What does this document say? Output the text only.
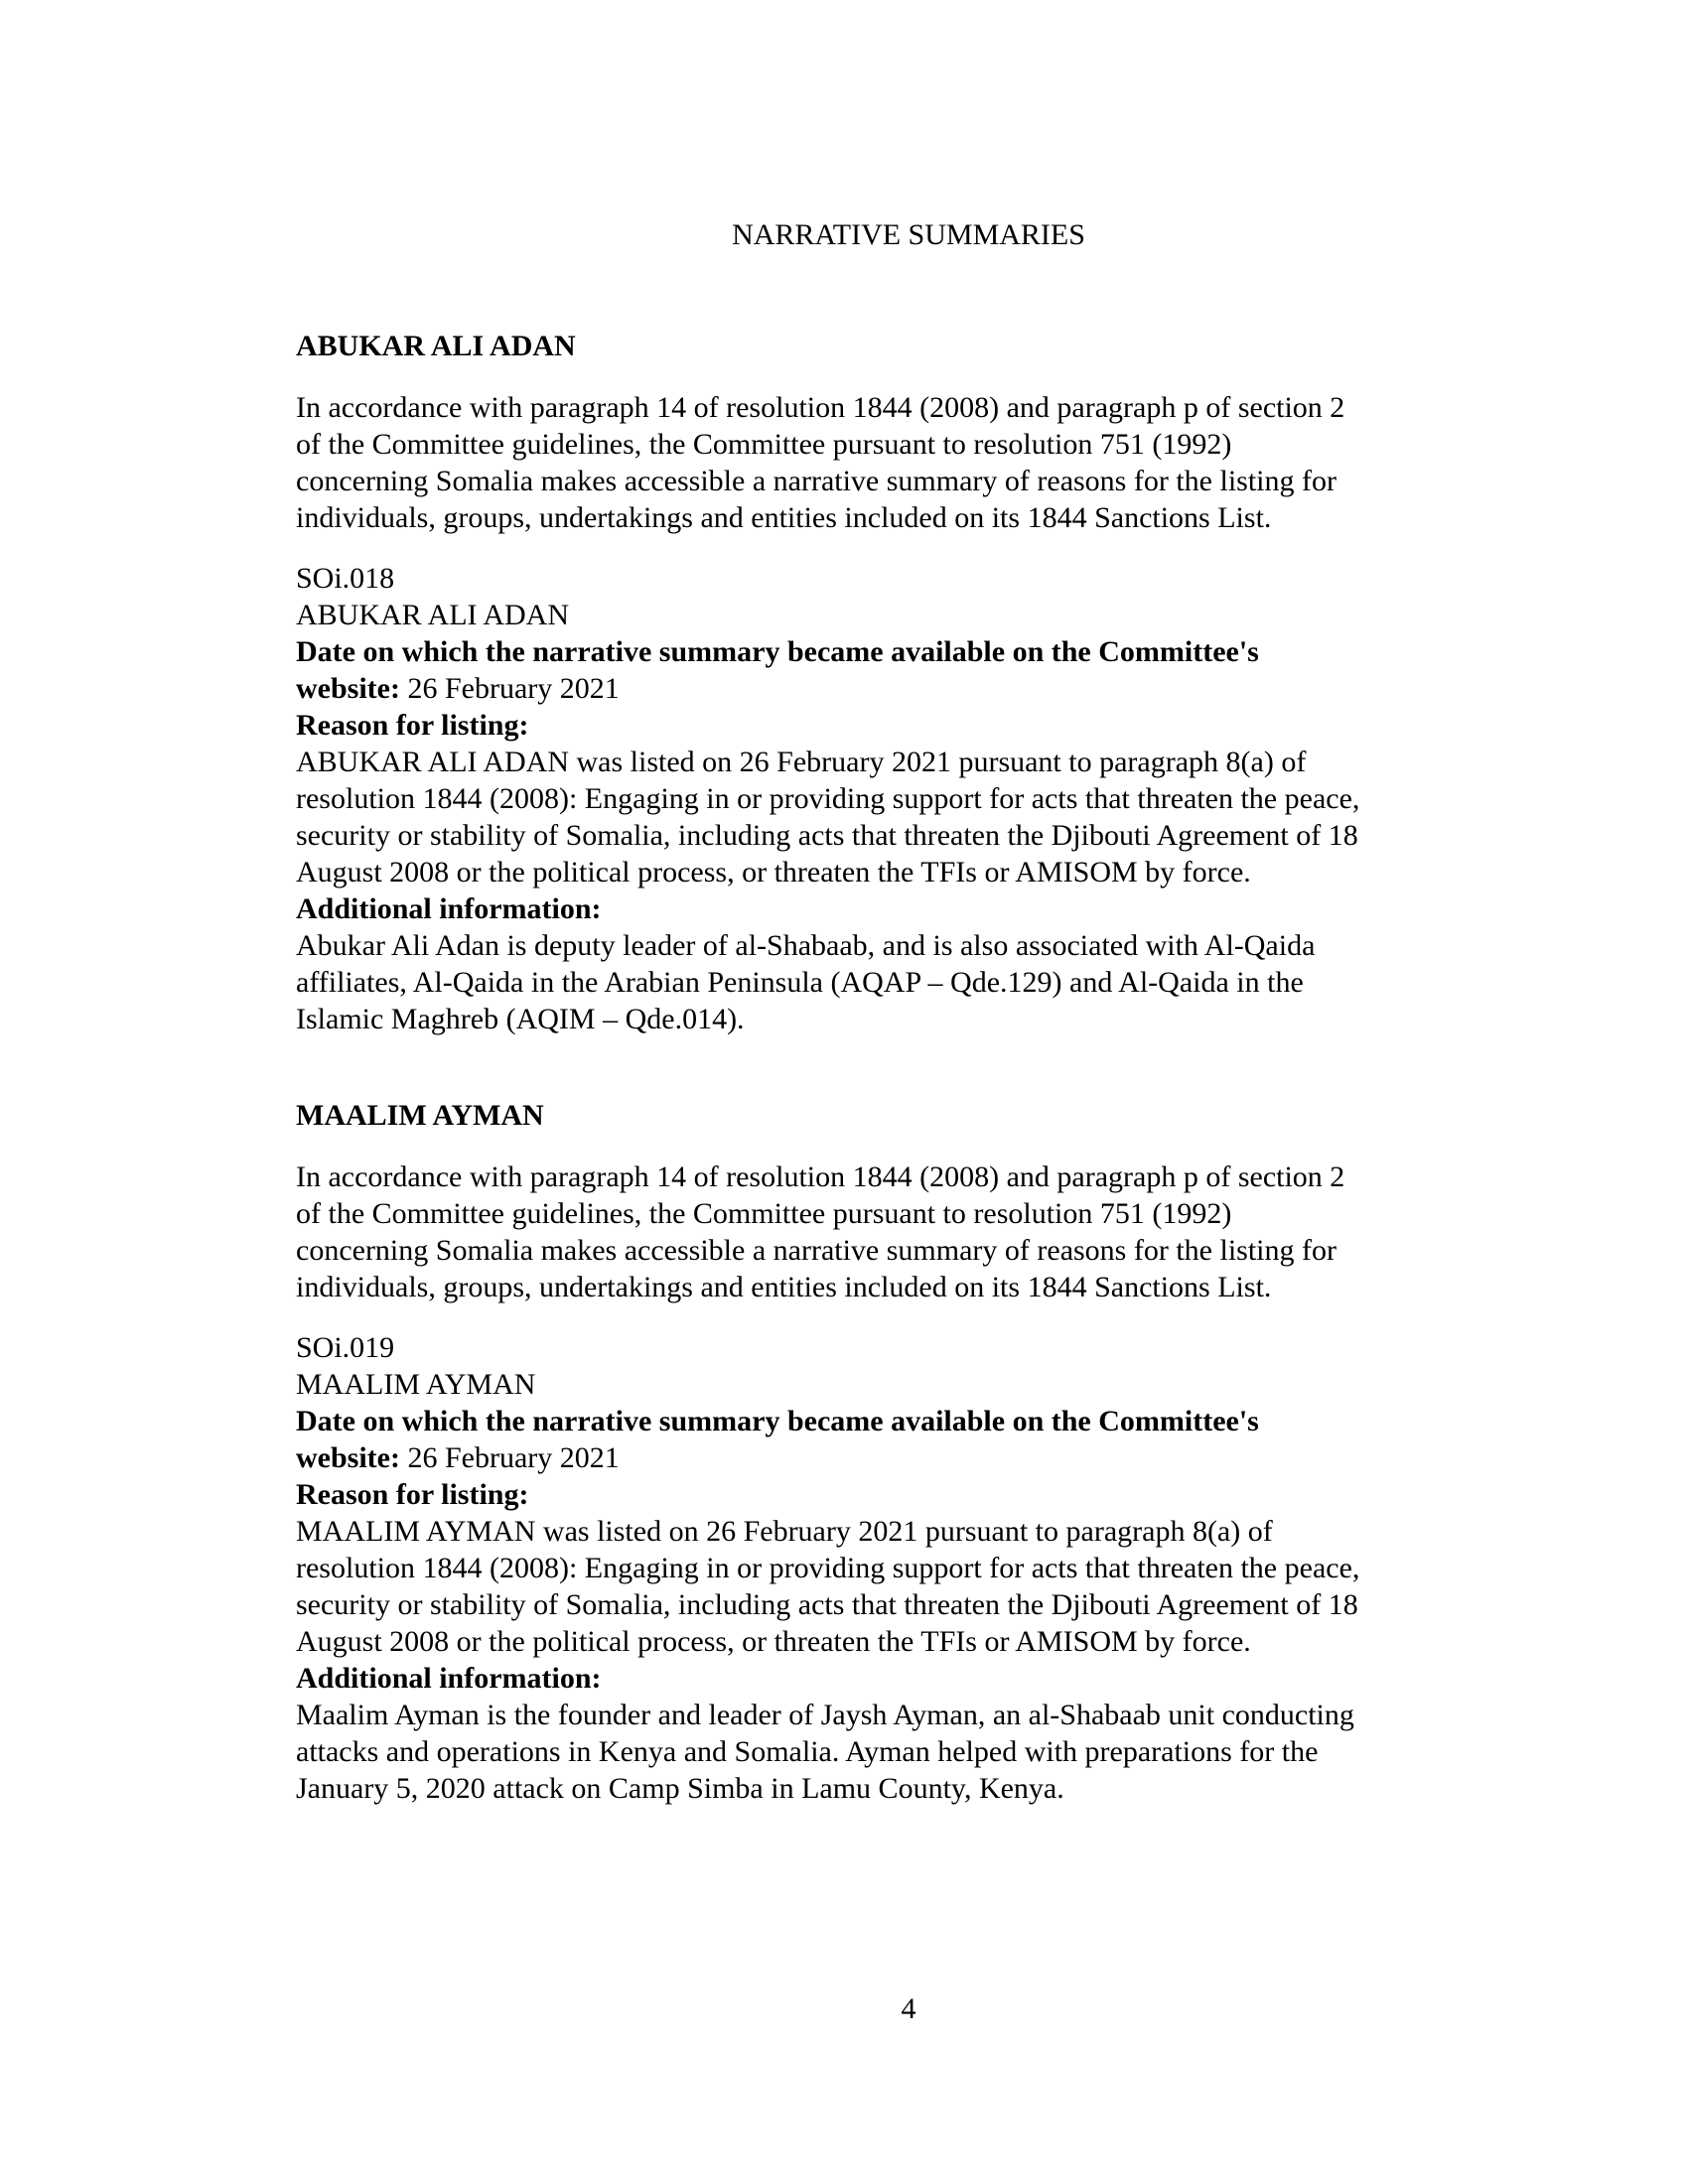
NARRATIVE SUMMARIES

ABUKAR ALI ADAN

In accordance with paragraph 14 of resolution 1844 (2008) and paragraph p of section 2
of the Committee guidelines, the Committee pursuant to resolution 751 (1992)
concerning Somalia makes accessible a narrative summary of reasons for the listing for
individuals, groups, undertakings and entities included on its 1844 Sanctions List.

SOi.018

ABUKAR ALI ADAN

Date on which the narrative summary became available on the Committee's

website: 26 February 2021

Reason for listing:

ABUKAR ALI ADAN was listed on 26 February 2021 pursuant to paragraph 8(a) of

resolution 1844 (2008): Engaging in or providing support for acts that threaten the peace,

security or stability of Somalia, including acts that threaten the Djibouti Agreement of 18

August 2008 or the political process, or threaten the TFIs or AMISOM by force.

Additional information:

Abukar Ali Adan is deputy leader of al-Shabaab, and is also associated with Al-Qaida

affiliates, Al-Qaida in the Arabian Peninsula (AQAP – Qde.129) and Al-Qaida in the

Islamic Maghreb (AQIM – Qde.014).

MAALIM AYMAN

In accordance with paragraph 14 of resolution 1844 (2008) and paragraph p of section 2
of the Committee guidelines, the Committee pursuant to resolution 751 (1992)
concerning Somalia makes accessible a narrative summary of reasons for the listing for
individuals, groups, undertakings and entities included on its 1844 Sanctions List.

SOi.019

MAALIM AYMAN

Date on which the narrative summary became available on the Committee's

website: 26 February 2021

Reason for listing:

MAALIM AYMAN was listed on 26 February 2021 pursuant to paragraph 8(a) of

resolution 1844 (2008): Engaging in or providing support for acts that threaten the peace,

security or stability of Somalia, including acts that threaten the Djibouti Agreement of 18

August 2008 or the political process, or threaten the TFIs or AMISOM by force.

Additional information:

Maalim Ayman is the founder and leader of Jaysh Ayman, an al-Shabaab unit conducting

attacks and operations in Kenya and Somalia. Ayman helped with preparations for the

January 5, 2020 attack on Camp Simba in Lamu County, Kenya.

4
